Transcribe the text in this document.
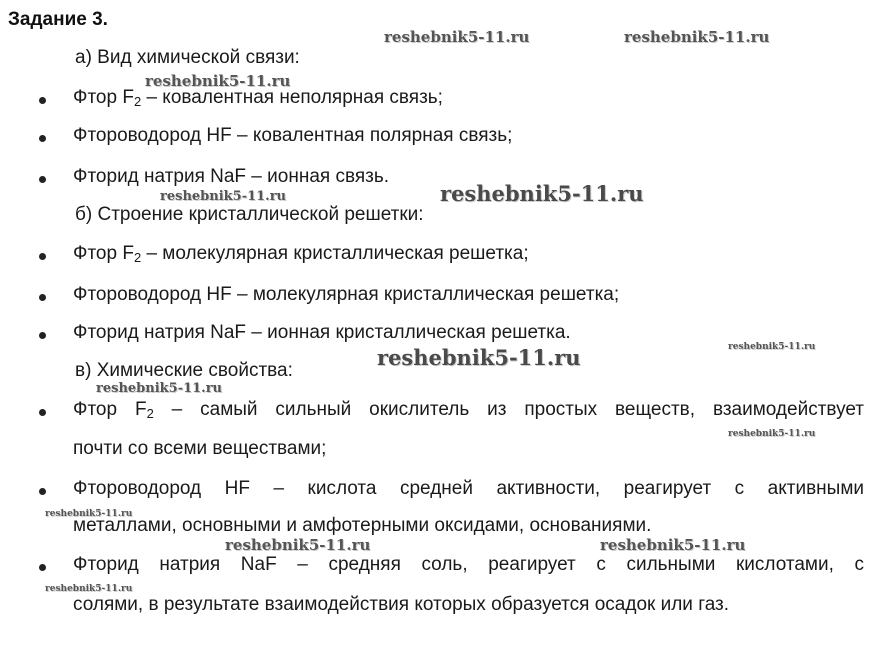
Задание 3.
а) Вид химической связи:
Фтор $F_2$ – ковалентная неполярная связь;
Фтороводород HF – ковалентная полярная связь;
Фторид натрия NaF – ионная связь.
б) Строение кристаллической решетки:
Фтор $F_2$ – молекулярная кристаллическая решетка;
Фтороводород HF – молекулярная кристаллическая решетка;
Фторид натрия NaF – ионная кристаллическая решетка.
в) Химические свойства:
Фтор $F_2$ – самый сильный окислитель из простых веществ, взаимодействует
почти со всеми веществами;
Фтороводород HF – кислота средней активности, реагирует с активными
металлами, основными и амфотерными оксидами, основаниями.
Фторид натрия NaF – средняя соль, реагирует с сильными кислотами, с
солями, в результате взаимодействия которых образуется осадок или газ.
reshebnik5-11.ru	reshebnik5-11.ru
reshebnik5-11.ru
reshebnik5-11.ru	reshebnik5-11.ru
reshebnik5-11.ru	reshebnik5-11.ru
reshebnik5-11.ru
reshebnik5-11.ru
reshebnik5-11.ru
reshebnik5-11.ru	reshebnik5-11.ru
reshebnik5-11.ru
